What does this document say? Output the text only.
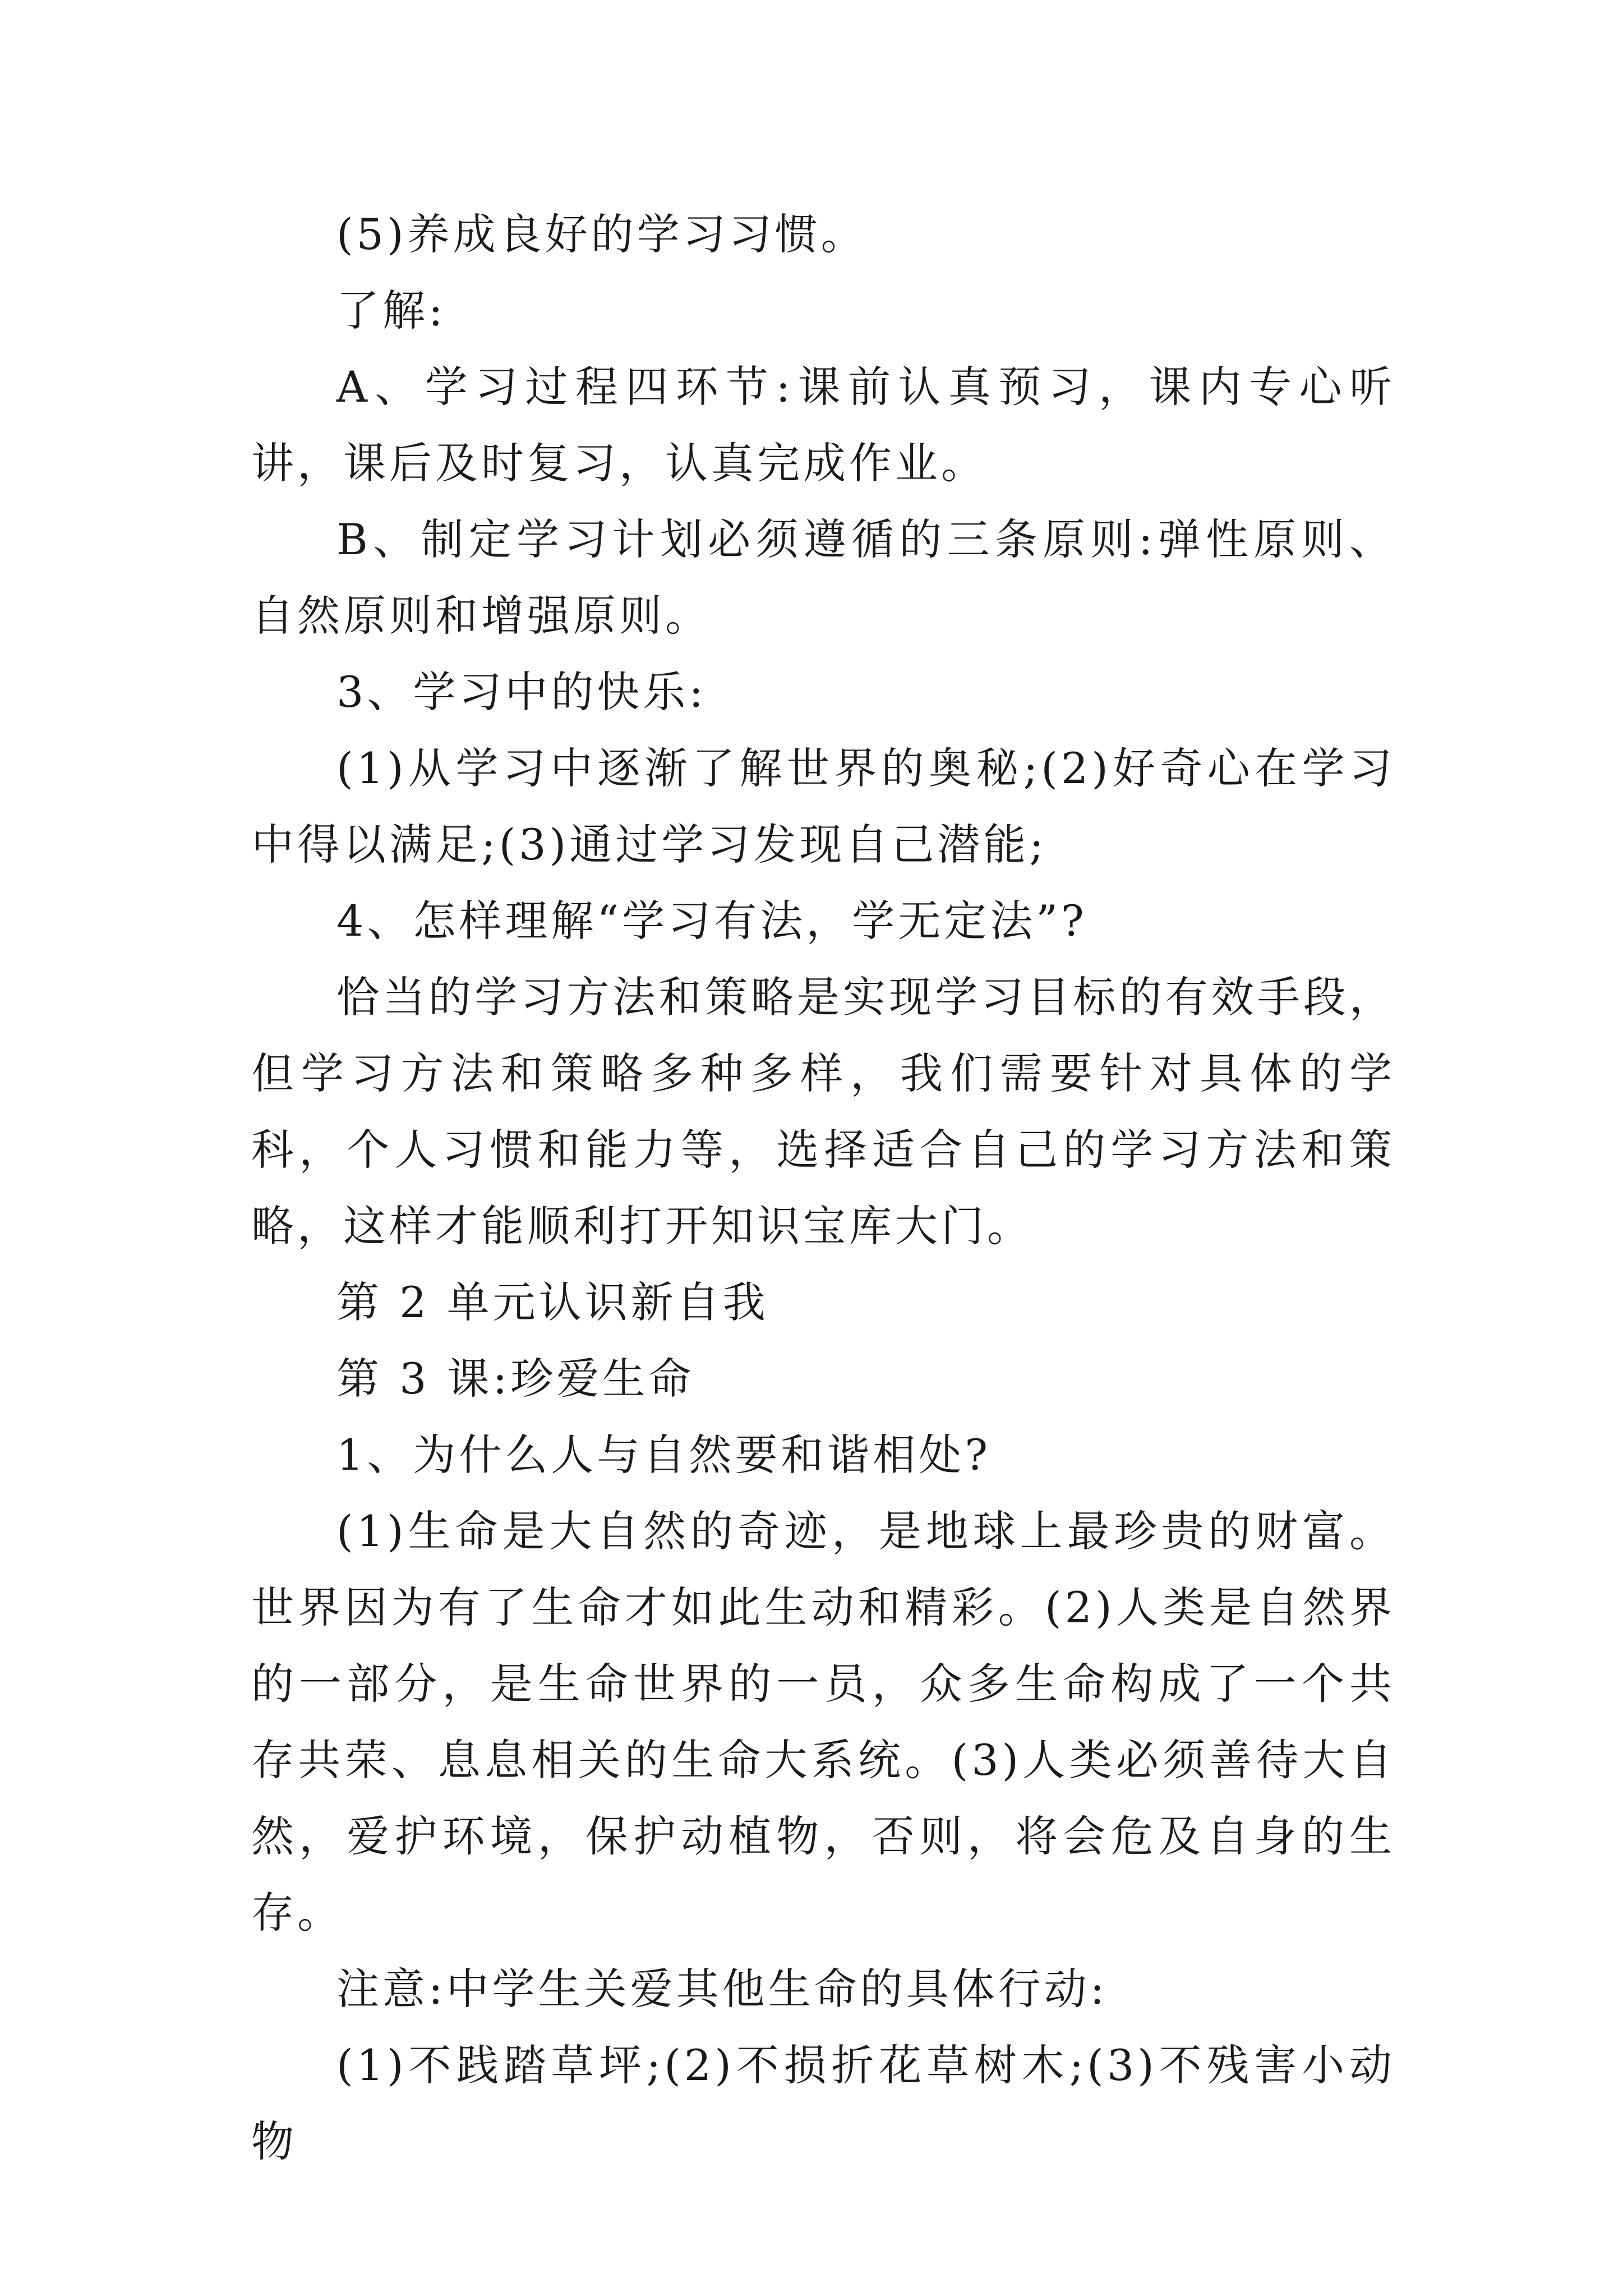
(5)养成良好的学习习惯。

了解:

A、学习过程四环节:课前认真预习，课内专心听讲，课后及时复习，认真完成作业。

B、制定学习计划必须遵循的三条原则:弹性原则、自然原则和增强原则。

3、学习中的快乐:

(1)从学习中逐渐了解世界的奥秘;(2)好奇心在学习中得以满足;(3)通过学习发现自己潜能;

4、怎样理解“学习有法，学无定法”?

恰当的学习方法和策略是实现学习目标的有效手段，但学习方法和策略多种多样，我们需要针对具体的学科，个人习惯和能力等，选择适合自己的学习方法和策略，这样才能顺利打开知识宝库大门。

第 2 单元认识新自我

第 3 课:珍爱生命

1、为什么人与自然要和谐相处?

(1)生命是大自然的奇迹，是地球上最珍贵的财富。世界因为有了生命才如此生动和精彩。(2)人类是自然界的一部分，是生命世界的一员，众多生命构成了一个共存共荣、息息相关的生命大系统。(3)人类必须善待大自然，爱护环境，保护动植物，否则，将会危及自身的生存。

注意:中学生关爱其他生命的具体行动:

(1)不践踏草坪;(2)不损折花草树木;(3)不残害小动物
